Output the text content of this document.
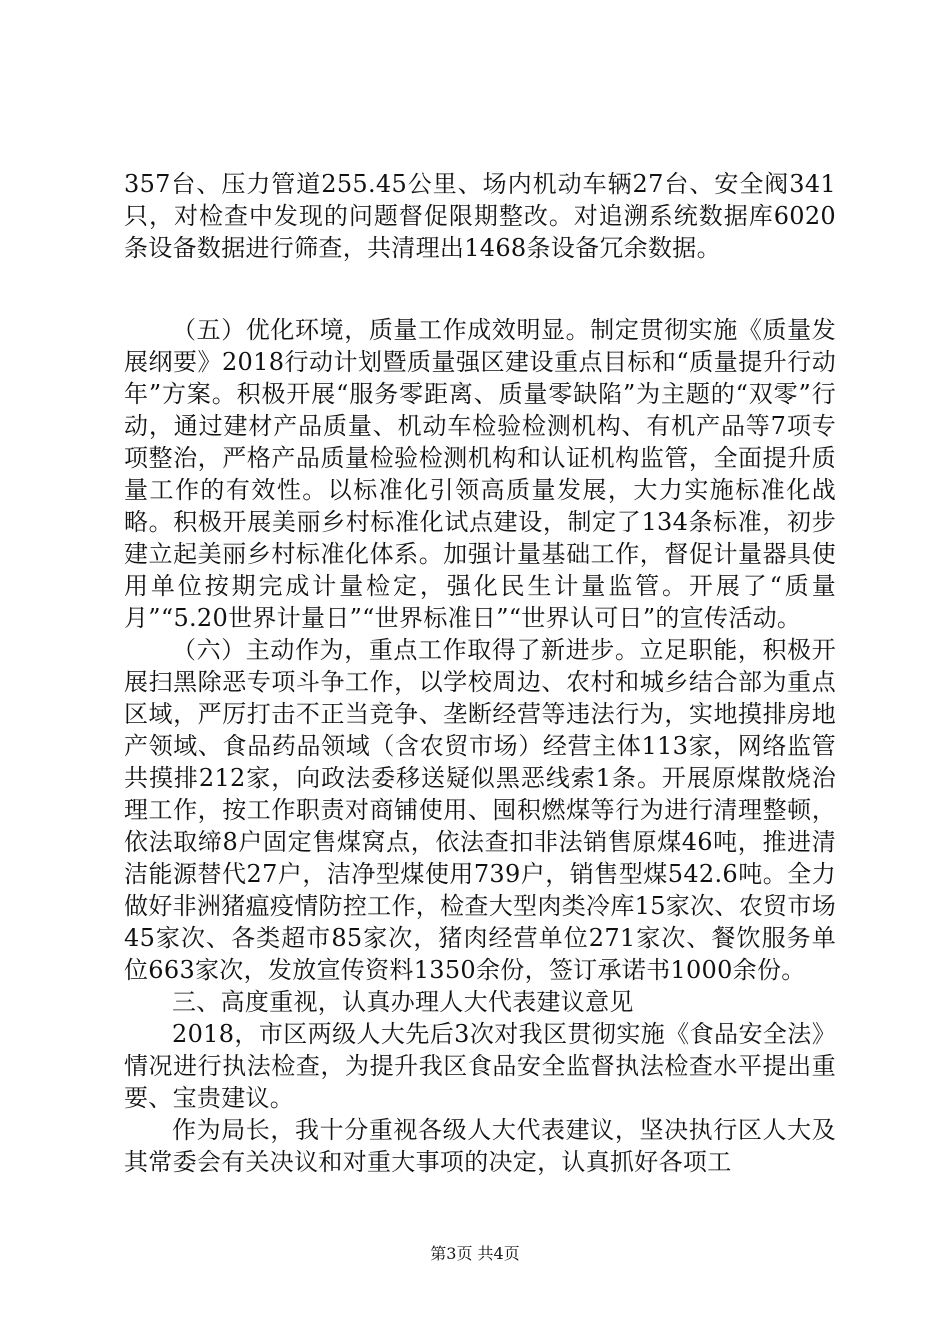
357台、压力管道255.45公里、场内机动车辆27台、安全阀341只，对检查中发现的问题督促限期整改。对追溯系统数据库6020条设备数据进行筛查，共清理出1468条设备冗余数据。

（五）优化环境，质量工作成效明显。制定贯彻实施《质量发展纲要》2018行动计划暨质量强区建设重点目标和“质量提升行动年”方案。积极开展“服务零距离、质量零缺陷”为主题的“双零”行动，通过建材产品质量、机动车检验检测机构、有机产品等7项专项整治，严格产品质量检验检测机构和认证机构监管，全面提升质量工作的有效性。以标准化引领高质量发展，大力实施标准化战略。积极开展美丽乡村标准化试点建设，制定了134条标准，初步建立起美丽乡村标准化体系。加强计量基础工作，督促计量器具使用单位按期完成计量检定，强化民生计量监管。开展了“质量月”“5.20世界计量日”“世界标准日”“世界认可日”的宣传活动。

（六）主动作为，重点工作取得了新进步。立足职能，积极开展扫黑除恶专项斗争工作，以学校周边、农村和城乡结合部为重点区域，严厉打击不正当竞争、垄断经营等违法行为，实地摸排房地产领域、食品药品领域（含农贸市场）经营主体113家，网络监管共摸排212家，向政法委移送疑似黑恶线索1条。开展原煤散烧治理工作，按工作职责对商铺使用、囤积燃煤等行为进行清理整顿，依法取缔8户固定售煤窝点，依法查扣非法销售原煤46吨，推进清洁能源替代27户，洁净型煤使用739户，销售型煤542.6吨。全力做好非洲猪瘟疫情防控工作，检查大型肉类冷库15家次、农贸市场45家次、各类超市85家次，猪肉经营单位271家次、餐饮服务单位663家次，发放宣传资料1350余份，签订承诺书1000余份。

三、高度重视，认真办理人大代表建议意见

2018，市区两级人大先后3次对我区贯彻实施《食品安全法》情况进行执法检查，为提升我区食品安全监督执法检查水平提出重要、宝贵建议。

作为局长，我十分重视各级人大代表建议，坚决执行区人大及其常委会有关决议和对重大事项的决定，认真抓好各项工

第3页 共4页
